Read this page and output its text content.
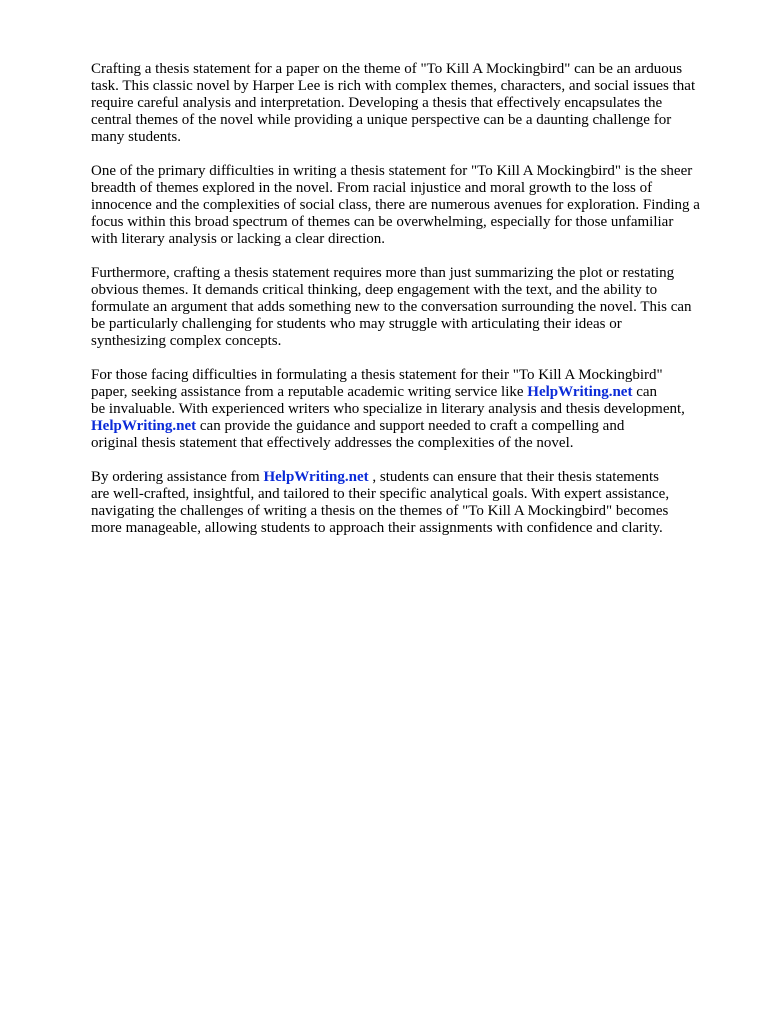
Crafting a thesis statement for a paper on the theme of "To Kill A Mockingbird" can be an arduous
task. This classic novel by Harper Lee is rich with complex themes, characters, and social issues that
require careful analysis and interpretation. Developing a thesis that effectively encapsulates the
central themes of the novel while providing a unique perspective can be a daunting challenge for
many students.

One of the primary difficulties in writing a thesis statement for "To Kill A Mockingbird" is the sheer
breadth of themes explored in the novel. From racial injustice and moral growth to the loss of
innocence and the complexities of social class, there are numerous avenues for exploration. Finding a
focus within this broad spectrum of themes can be overwhelming, especially for those unfamiliar
with literary analysis or lacking a clear direction.

Furthermore, crafting a thesis statement requires more than just summarizing the plot or restating
obvious themes. It demands critical thinking, deep engagement with the text, and the ability to
formulate an argument that adds something new to the conversation surrounding the novel. This can
be particularly challenging for students who may struggle with articulating their ideas or
synthesizing complex concepts.

For those facing difficulties in formulating a thesis statement for their "To Kill A Mockingbird"
paper, seeking assistance from a reputable academic writing service like HelpWriting.net can
be invaluable. With experienced writers who specialize in literary analysis and thesis development,
HelpWriting.net can provide the guidance and support needed to craft a compelling and
original thesis statement that effectively addresses the complexities of the novel.

By ordering assistance from HelpWriting.net , students can ensure that their thesis statements
are well-crafted, insightful, and tailored to their specific analytical goals. With expert assistance,
navigating the challenges of writing a thesis on the themes of "To Kill A Mockingbird" becomes
more manageable, allowing students to approach their assignments with confidence and clarity.
